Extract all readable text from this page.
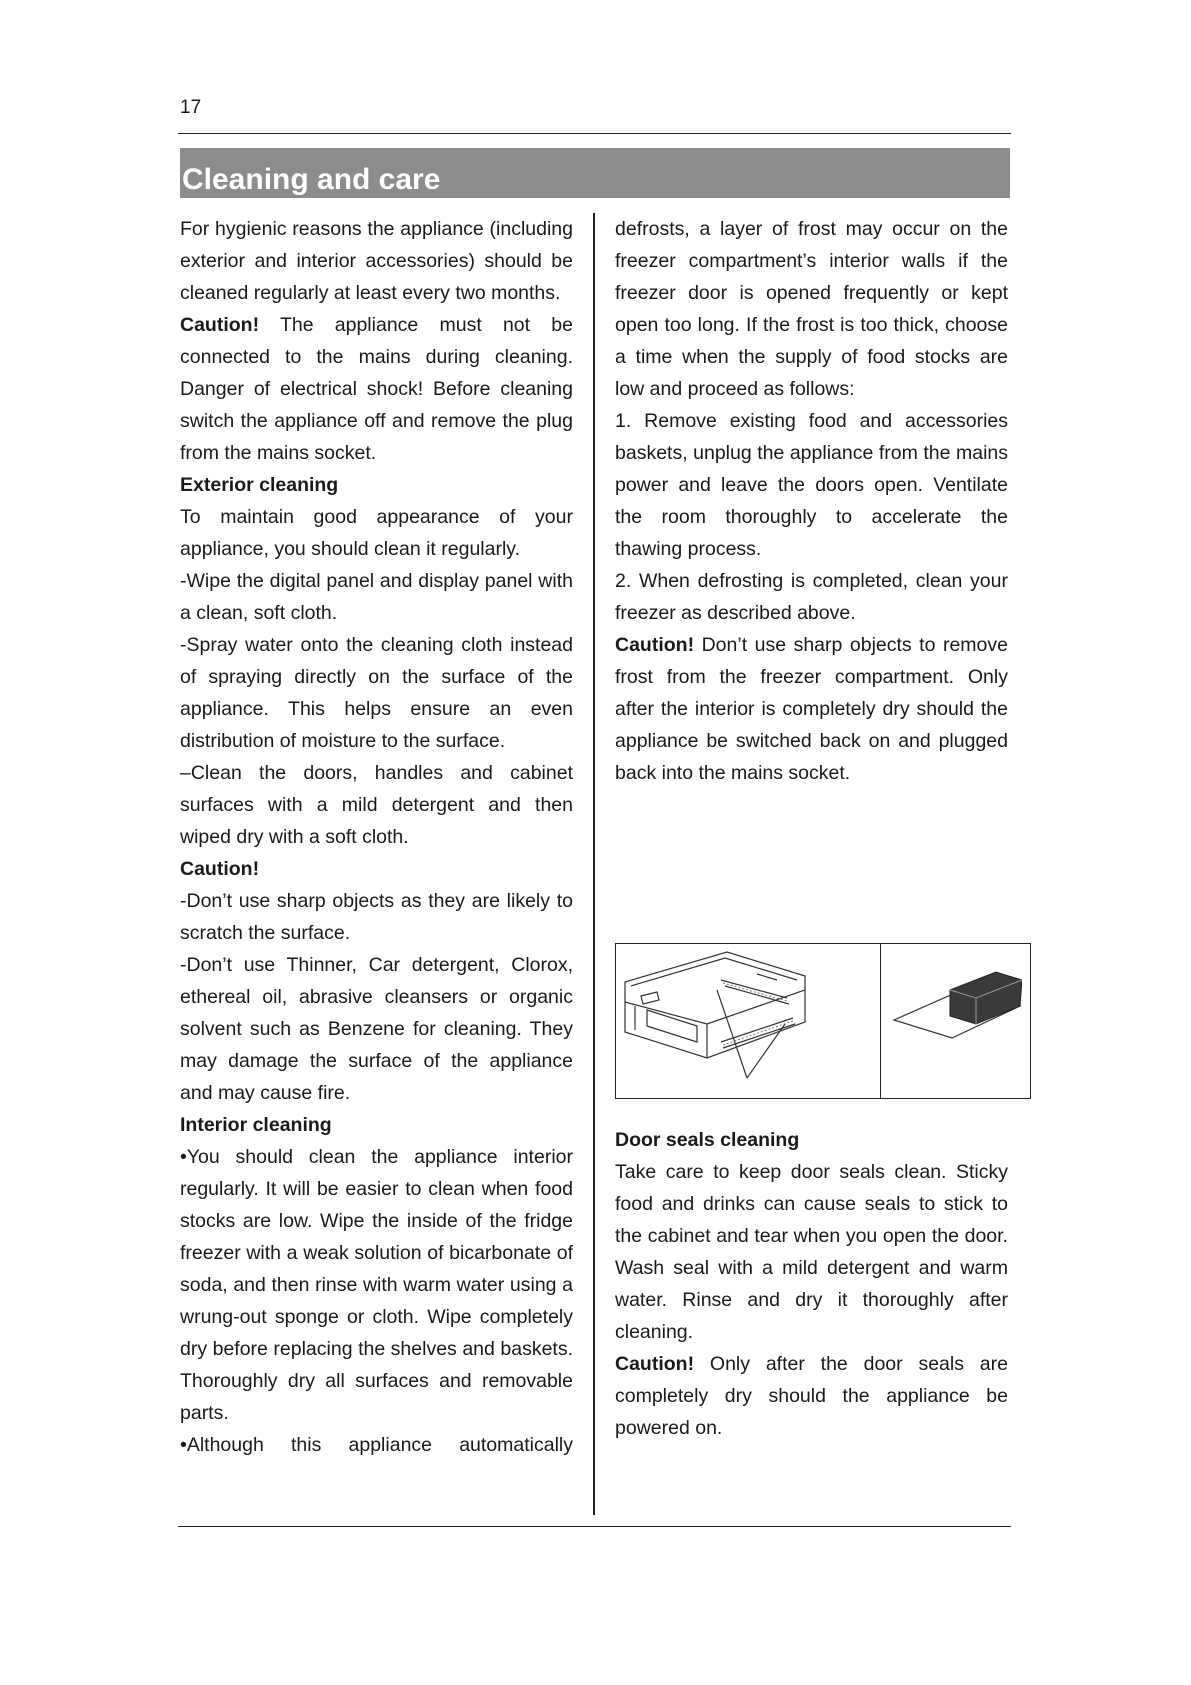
17
Cleaning and care

For hygienic reasons the appliance (including exterior and interior accessories) should be cleaned regularly at least every two months.

Caution! The appliance must not be connected to the mains during cleaning. Danger of electrical shock! Before cleaning switch the appliance off and remove the plug from the mains socket.

Exterior cleaning

To maintain good appearance of your appliance, you should clean it regularly.

-Wipe the digital panel and display panel with a clean, soft cloth.

-Spray water onto the cleaning cloth instead of spraying directly on the surface of the appliance. This helps ensure an even distribution of moisture to the surface.

–Clean the doors, handles and cabinet surfaces with a mild detergent and then wiped dry with a soft cloth.

Caution!

-Don’t use sharp objects as they are likely to scratch the surface.

-Don’t use Thinner, Car detergent, Clorox, ethereal oil, abrasive cleansers or organic solvent such as Benzene for cleaning. They may damage the surface of the appliance and may cause fire.

Interior cleaning

•You should clean the appliance interior regularly. It will be easier to clean when food stocks are low. Wipe the inside of the fridge freezer with a weak solution of bicarbonate of soda, and then rinse with warm water using a wrung-out sponge or cloth. Wipe completely dry before replacing the shelves and baskets. Thoroughly dry all surfaces and removable parts.

•Although this appliance automatically

defrosts, a layer of frost may occur on the freezer compartment’s interior walls if the freezer door is opened frequently or kept open too long. If the frost is too thick, choose a time when the supply of food stocks are low and proceed as follows:

1. Remove existing food and accessories baskets, unplug the appliance from the mains power and leave the doors open. Ventilate the room thoroughly to accelerate the thawing process.

2. When defrosting is completed, clean your freezer as described above.

Caution! Don’t use sharp objects to remove frost from the freezer compartment. Only after the interior is completely dry should the appliance be switched back on and plugged back into the mains socket.

Door seals cleaning

Take care to keep door seals clean. Sticky food and drinks can cause seals to stick to the cabinet and tear when you open the door. Wash seal with a mild detergent and warm water. Rinse and dry it thoroughly after cleaning.

Caution! Only after the door seals are completely dry should the appliance be powered on.
